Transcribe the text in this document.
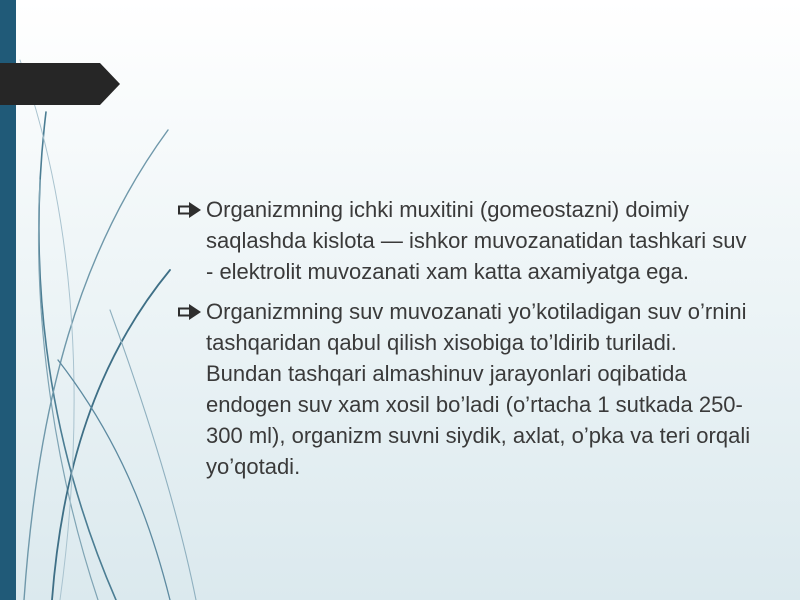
Organizmning ichki muxitini (gomeostazni) doimiy saqlashda kislota — ishkor muvozanatidan tashkari suv - elektrolit muvozanati xam katta axamiyatga ega.
Organizmning suv muvozanati yo’kotiladigan suv o’rnini tashqaridan qabul qilish xisobiga to’ldirib turiladi. Bundan tashqari almashinuv jarayonlari oqibatida endogen suv xam xosil bo’ladi (o’rtacha 1 sutkada 250-300 ml), organizm suvni siydik, axlat, o’pka va teri orqali yo’qotadi.
